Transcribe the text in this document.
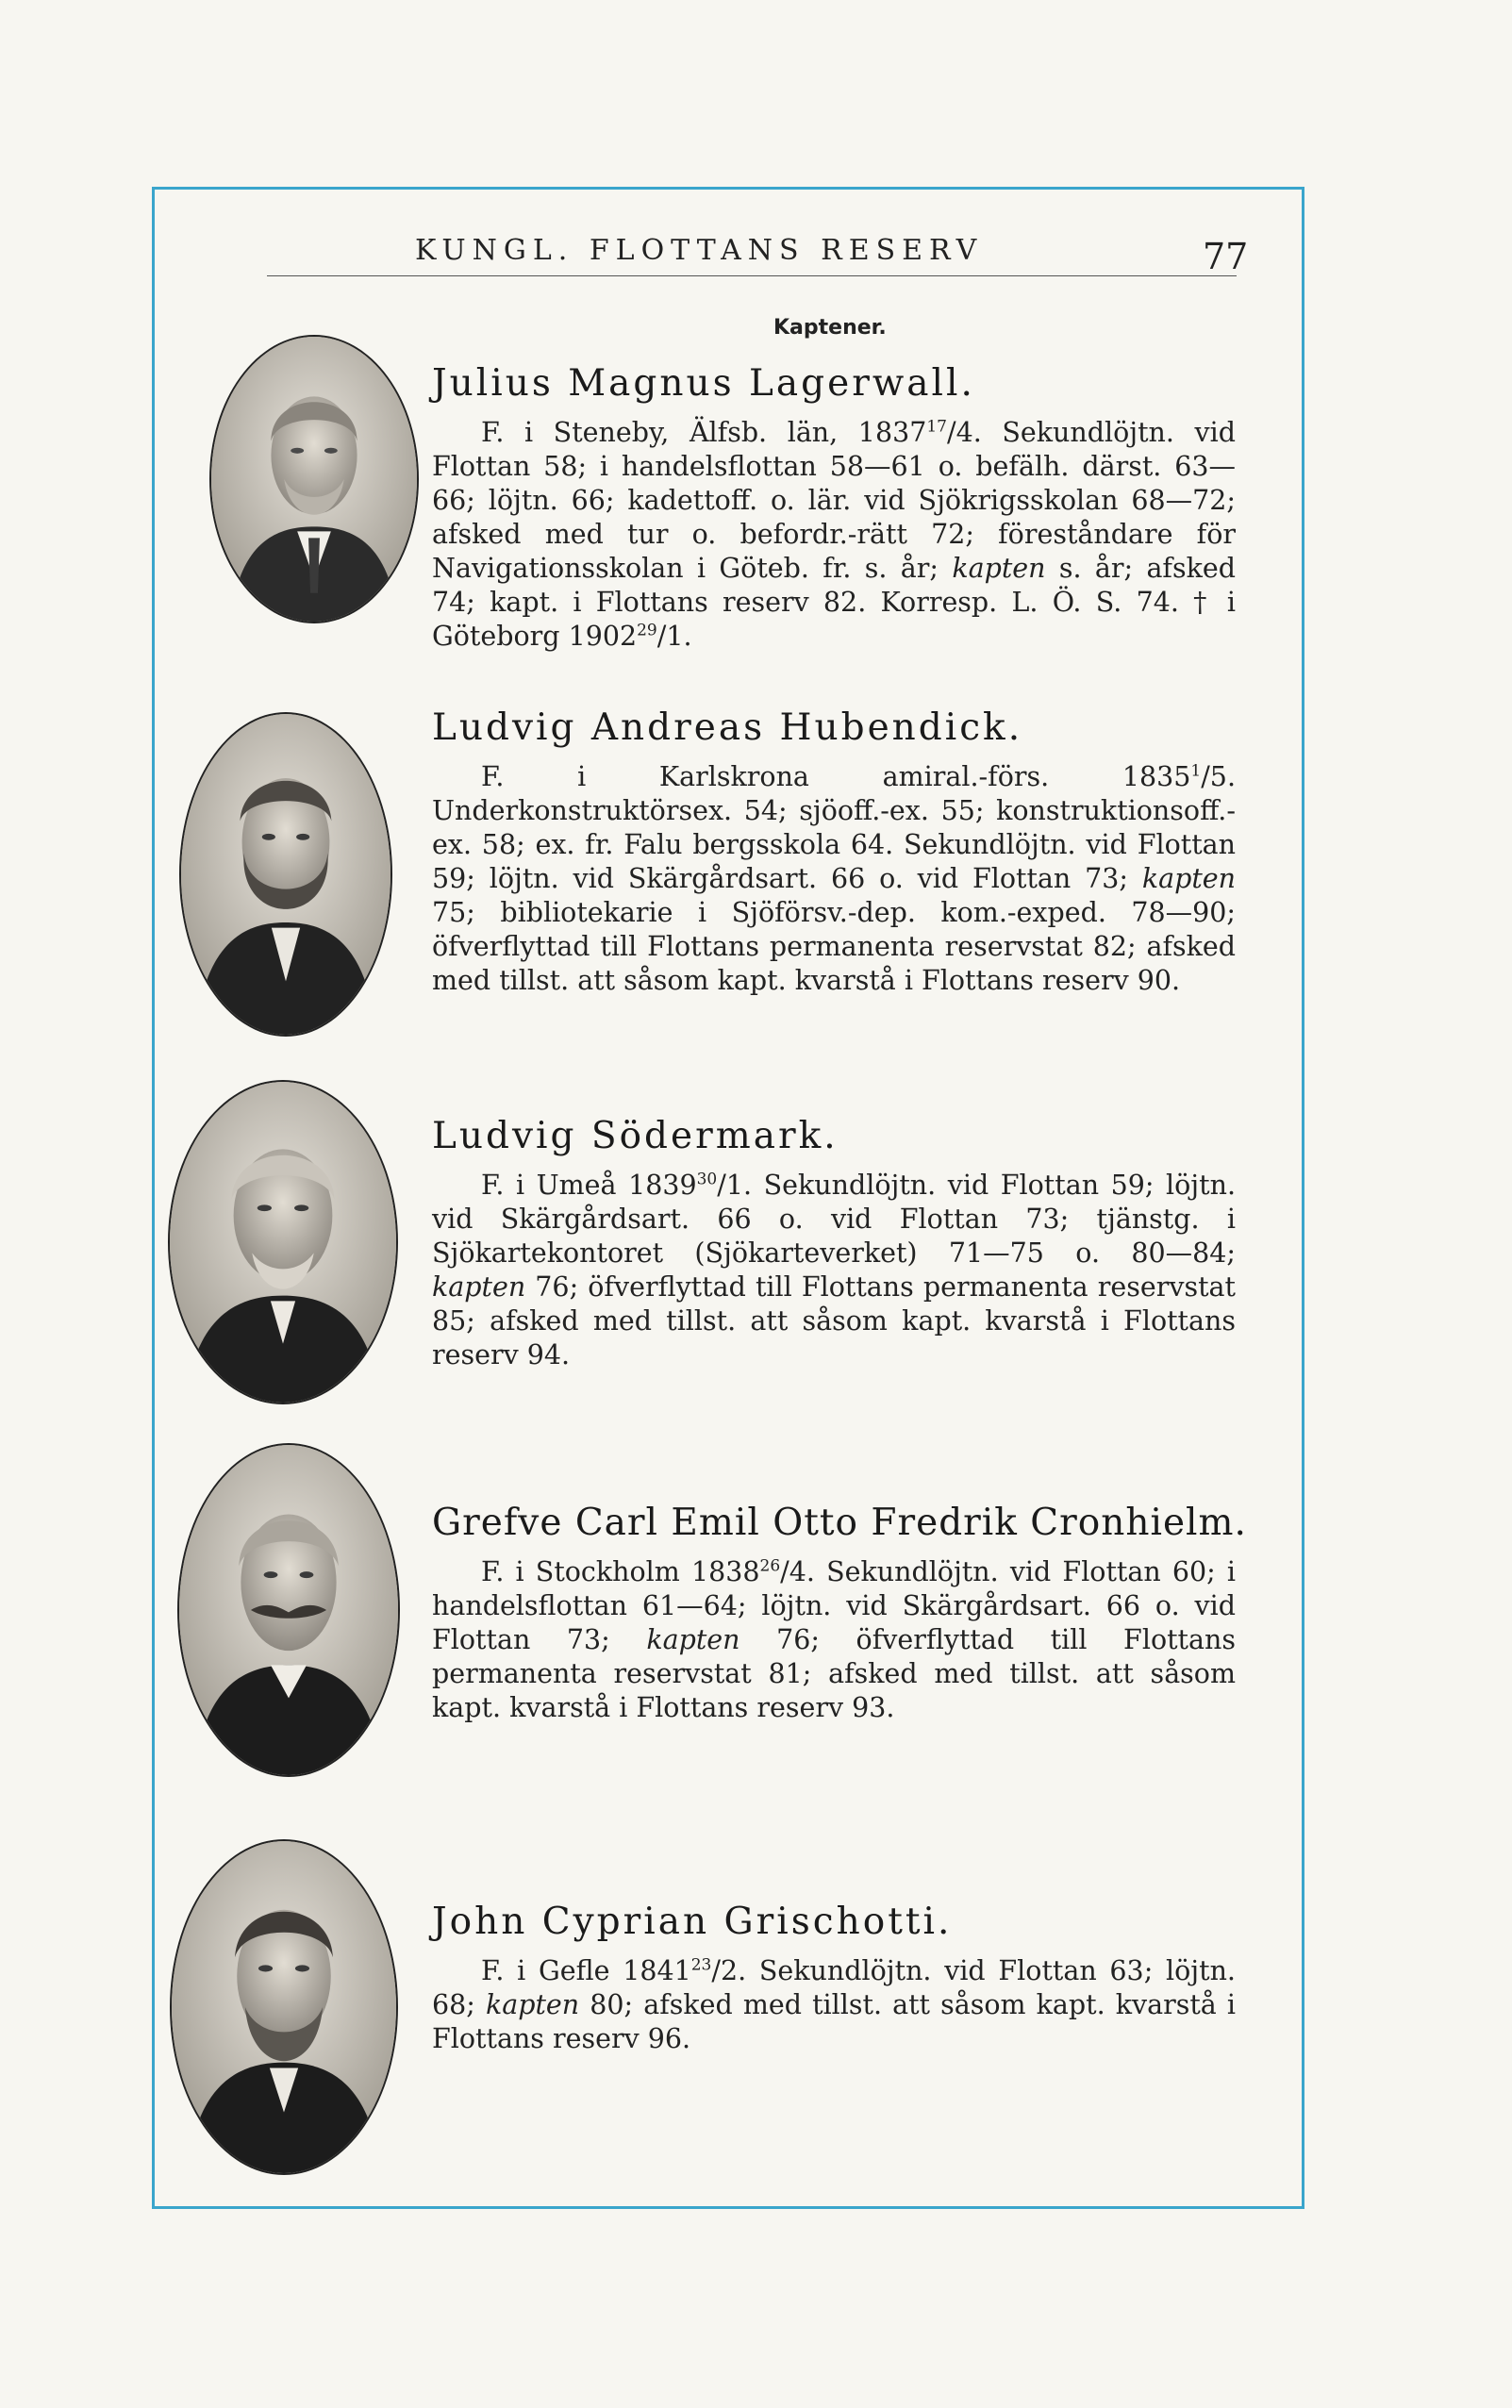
KUNGL. FLOTTANS RESERV	77
Kaptener.
Julius Magnus Lagerwall.

F. i Steneby, Älfsb. län, 1837$^{17}$/4. Sekundlöjtn. vid Flottan 58; i handelsflottan 58—61 o. befälh. därst. 63—66; löjtn. 66; kadettoff. o. lär. vid Sjökrigsskolan 68—72; afsked med tur o. befordr.-rätt 72; föreståndare för Navigationsskolan i Göteb. fr. s. år; kapten s. år; afsked 74; kapt. i Flottans reserv 82. Korresp. L. Ö. S. 74. † i Göteborg 1902$^{29}$/1.

Ludvig Andreas Hubendick.

F. i Karlskrona amiral.-förs. 1835$^1$/5. Underkonstruktörsex. 54; sjöoff.-ex. 55; konstruktionsoff.-ex. 58; ex. fr. Falu bergsskola 64. Sekundlöjtn. vid Flottan 59; löjtn. vid Skärgårdsart. 66 o. vid Flottan 73; kapten 75; bibliotekarie i Sjöförsv.-dep. kom.-exped. 78—90; öfverflyttad till Flottans permanenta reservstat 82; afsked med tillst. att såsom kapt. kvarstå i Flottans reserv 90.

Ludvig Södermark.

F. i Umeå 1839$^{30}$/1. Sekundlöjtn. vid Flottan 59; löjtn. vid Skärgårdsart. 66 o. vid Flottan 73; tjänstg. i Sjökartekontoret (Sjökarteverket) 71—75 o. 80—84; kapten 76; öfverflyttad till Flottans permanenta reservstat 85; afsked med tillst. att såsom kapt. kvarstå i Flottans reserv 94.

Grefve Carl Emil Otto Fredrik Cronhielm.

F. i Stockholm 1838$^{26}$/4. Sekundlöjtn. vid Flottan 60; i handelsflottan 61—64; löjtn. vid Skärgårdsart. 66 o. vid Flottan 73; kapten 76; öfverflyttad till Flottans permanenta reservstat 81; afsked med tillst. att såsom kapt. kvarstå i Flottans reserv 93.

John Cyprian Grischotti.

F. i Gefle 1841$^{23}$/2. Sekundlöjtn. vid Flottan 63; löjtn. 68; kapten 80; afsked med tillst. att såsom kapt. kvarstå i Flottans reserv 96.
